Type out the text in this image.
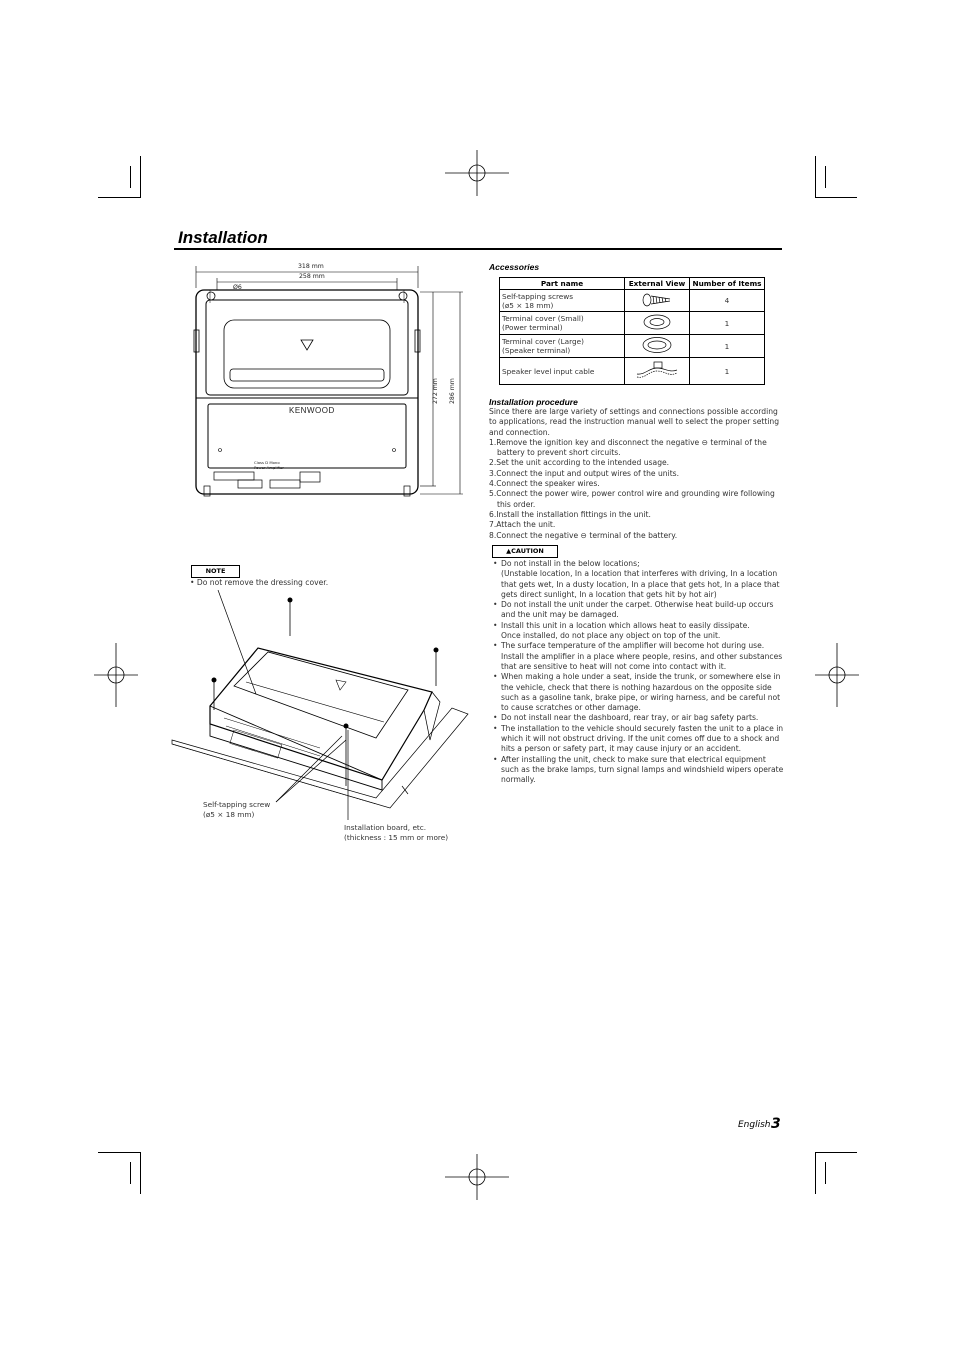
Installation
318 mm
258 mm
Ø6
272 mm 286 mm
KENWOOD
Class D Mono
Power Amplifier
NOTE
• Do not remove the dressing cover.
Self-tapping screw
(ø5 × 18 mm)
Installation board, etc.
(thickness : 15 mm or more)
Accessories
Part name	External View	Number of Items

Self-tapping screws
(ø5 × 18 mm)		4

Terminal cover (Small)
(Power terminal)		1

Terminal cover (Large)
(Speaker terminal)		1

Speaker level input cable		1
Installation procedure

Since there are large variety of settings and connections possible according to applications, read the instruction manual well to select the proper setting and connection.

1.Remove the ignition key and disconnect the negative ⊖ terminal of the battery to prevent short circuits.

2.Set the unit according to the intended usage.

3.Connect the input and output wires of the units.

4.Connect the speaker wires.

5.Connect the power wire, power control wire and grounding wire following this order.

6.Install the installation fittings in the unit.

7.Attach the unit.

8.Connect the negative ⊖ terminal of the battery.

▲CAUTION
• Do not install in the below locations;
(Unstable location, In a location that interferes with driving, In a location that gets wet, In a dusty location, In a place that gets hot, In a place that gets direct sunlight, In a location that gets hit by hot air)
• Do not install the unit under the carpet. Otherwise heat build-up occurs and the unit may be damaged.
• Install this unit in a location which allows heat to easily dissipate.
Once installed, do not place any object on top of the unit.
• The surface temperature of the amplifier will become hot during use. Install the amplifier in a place where people, resins, and other substances that are sensitive to heat will not come into contact with it.
• When making a hole under a seat, inside the trunk, or somewhere else in the vehicle, check that there is nothing hazardous on the opposite side such as a gasoline tank, brake pipe, or wiring harness, and be careful not to cause scratches or other damage.
• Do not install near the dashboard, rear tray, or air bag safety parts.
• The installation to the vehicle should securely fasten the unit to a place in which it will not obstruct driving. If the unit comes off due to a shock and hits a person or safety part, it may cause injury or an accident.
• After installing the unit, check to make sure that electrical equipment such as the brake lamps, turn signal lamps and windshield wipers operate normally.
English 3
